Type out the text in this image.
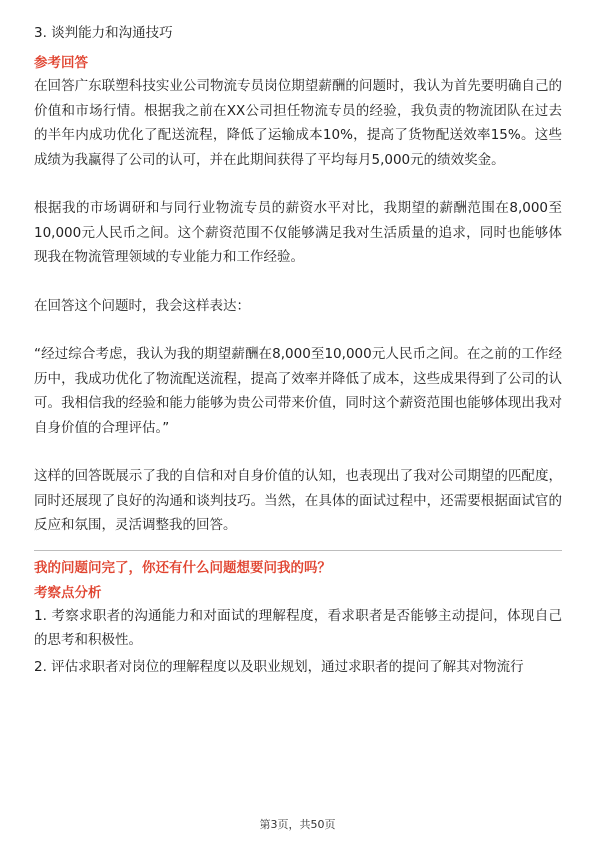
3. 谈判能力和沟通技巧
参考回答

在回答广东联塑科技实业公司物流专员岗位期望薪酬的问题时，我认为首先要明确自己的价值和市场行情。根据我之前在XX公司担任物流专员的经验，我负责的物流团队在过去的半年内成功优化了配送流程，降低了运输成本10%，提高了货物配送效率15%。这些成绩为我赢得了公司的认可，并在此期间获得了平均每月5,000元的绩效奖金。

根据我的市场调研和与同行业物流专员的薪资水平对比，我期望的薪酬范围在8,000至10,000元人民币之间。这个薪资范围不仅能够满足我对生活质量的追求，同时也能够体现我在物流管理领域的专业能力和工作经验。

在回答这个问题时，我会这样表达：

“经过综合考虑，我认为我的期望薪酬在8,000至10,000元人民币之间。在之前的工作经历中，我成功优化了物流配送流程，提高了效率并降低了成本，这些成果得到了公司的认可。我相信我的经验和能力能够为贵公司带来价值，同时这个薪资范围也能够体现出我对自身价值的合理评估。”

这样的回答既展示了我的自信和对自身价值的认知，也表现出了我对公司期望的匹配度，同时还展现了良好的沟通和谈判技巧。当然，在具体的面试过程中，还需要根据面试官的反应和氛围，灵活调整我的回答。

我的问题问完了，你还有什么问题想要问我的吗？
考察点分析

1. 考察求职者的沟通能力和对面试的理解程度，看求职者是否能够主动提问，体现自己的思考和积极性。

2. 评估求职者对岗位的理解程度以及职业规划，通过求职者的提问了解其对物流行

第3页，共50页
